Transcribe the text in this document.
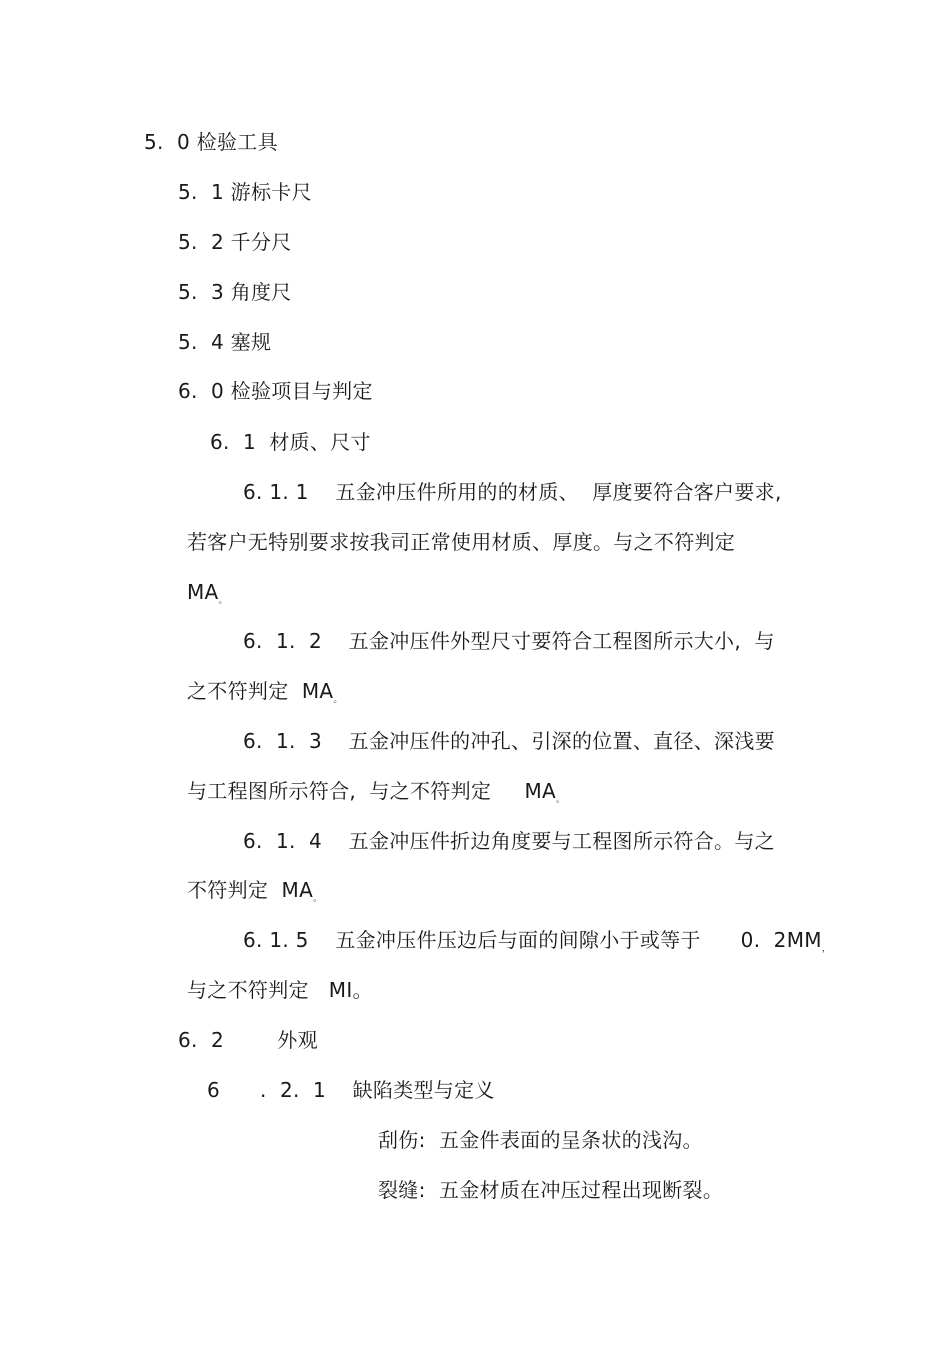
5.  0 检验工具
5.  1 游标卡尺
5.  2 千分尺
5.  3 角度尺
5.  4 塞规
6.  0 检验项目与判定
6.  1  材质、尺寸
6. 1. 1    五金冲压件所用的的材质、  厚度要符合客户要求,
若客户无特别要求按我司正常使用材质、厚度。与之不符判定
$MA_。$
6.  1.  2    五金冲压件外型尺寸要符合工程图所示大小,  与
之不符判定  $MA_。$
6.  1.  3    五金冲压件的冲孔、引深的位置、直径、深浅要
与工程图所示符合,  与之不符判定     $MA_。$
6.  1.  4    五金冲压件折边角度要与工程图所示符合。与之
不符判定  $MA_。$
6. 1. 5    五金冲压件压边后与面的间隙小于或等于      0.  $2MM_,$
与之不符判定   MI。
6.  2        外观
6      .  2.  1    缺陷类型与定义
刮伤:  五金件表面的呈条状的浅沟。
裂缝:  五金材质在冲压过程出现断裂。
